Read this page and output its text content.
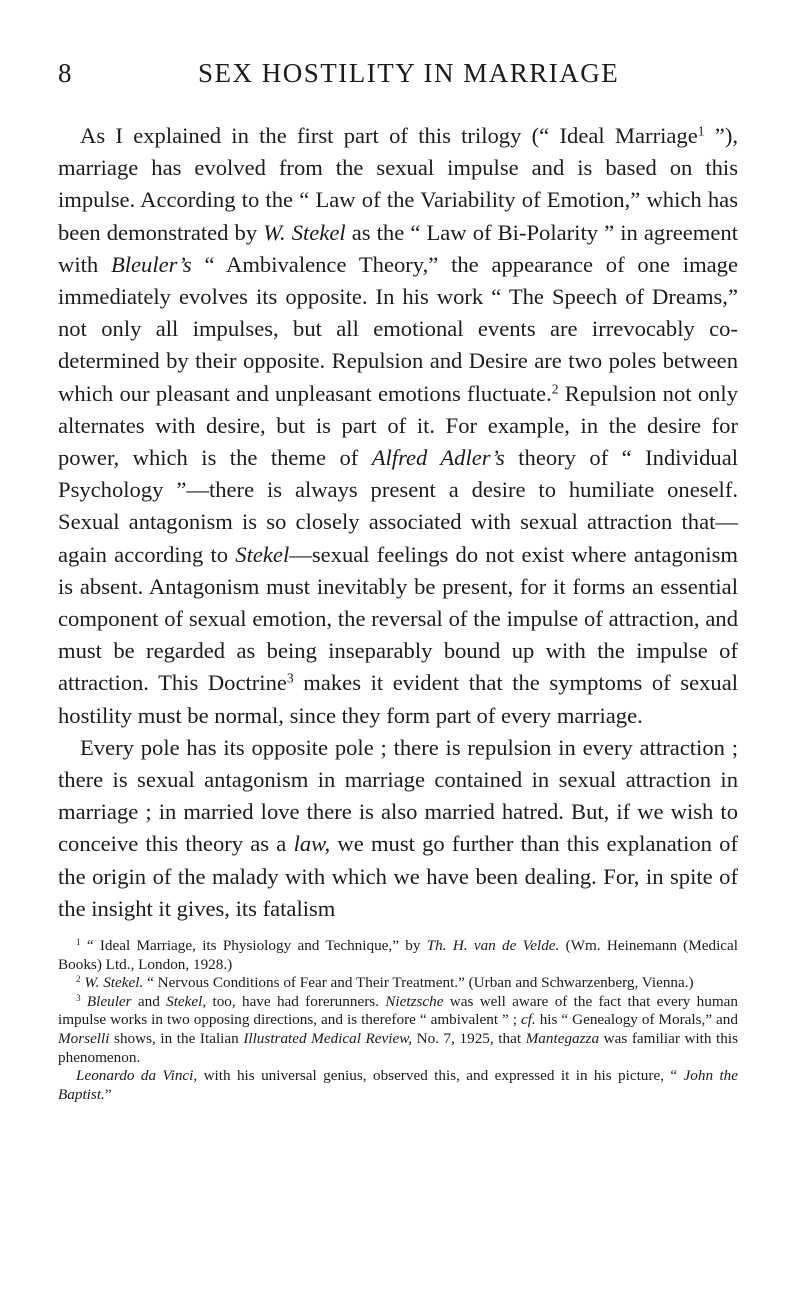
8	SEX HOSTILITY IN MARRIAGE

As I explained in the first part of this trilogy (“ Ideal Marriage$^1$ ”), marriage has evolved from the sexual impulse and is based on this impulse. According to the “ Law of the Variability of Emotion,” which has been demonstrated by W. Stekel as the “ Law of Bi-Polarity ” in agreement with Bleuler’s “ Ambivalence Theory,” the appearance of one image immediately evolves its opposite. In his work “ The Speech of Dreams,” not only all impulses, but all emotional events are irrevocably co-determined by their opposite. Repulsion and Desire are two poles between which our pleasant and unpleasant emotions fluctuate.$^2$ Repulsion not only alternates with desire, but is part of it. For example, in the desire for power, which is the theme of Alfred Adler’s theory of “ Individual Psychology ”—there is always present a desire to humiliate oneself. Sexual antagonism is so closely associated with sexual attraction that—again according to Stekel—sexual feelings do not exist where antagonism is absent. Antagonism must inevitably be present, for it forms an essential component of sexual emotion, the reversal of the impulse of attraction, and must be regarded as being inseparably bound up with the impulse of attraction. This Doctrine$^3$ makes it evident that the symptoms of sexual hostility must be normal, since they form part of every marriage.

Every pole has its opposite pole ; there is repulsion in every attraction ; there is sexual antagonism in marriage contained in sexual attraction in marriage ; in married love there is also married hatred. But, if we wish to conceive this theory as a law, we must go further than this explanation of the origin of the malady with which we have been dealing. For, in spite of the insight it gives, its fatalism

$^1$ “ Ideal Marriage, its Physiology and Technique,” by Th. H. van de Velde. (Wm. Heinemann (Medical Books) Ltd., London, 1928.)

$^2$ W. Stekel. “ Nervous Conditions of Fear and Their Treatment.” (Urban and Schwarzenberg, Vienna.)

$^3$ Bleuler and Stekel, too, have had forerunners. Nietzsche was well aware of the fact that every human impulse works in two opposing directions, and is therefore “ ambivalent ” ; cf. his “ Genealogy of Morals,” and Morselli shows, in the Italian Illustrated Medical Review, No. 7, 1925, that Mantegazza was familiar with this phenomenon.

Leonardo da Vinci, with his universal genius, observed this, and expressed it in his picture, “ John the Baptist.”
